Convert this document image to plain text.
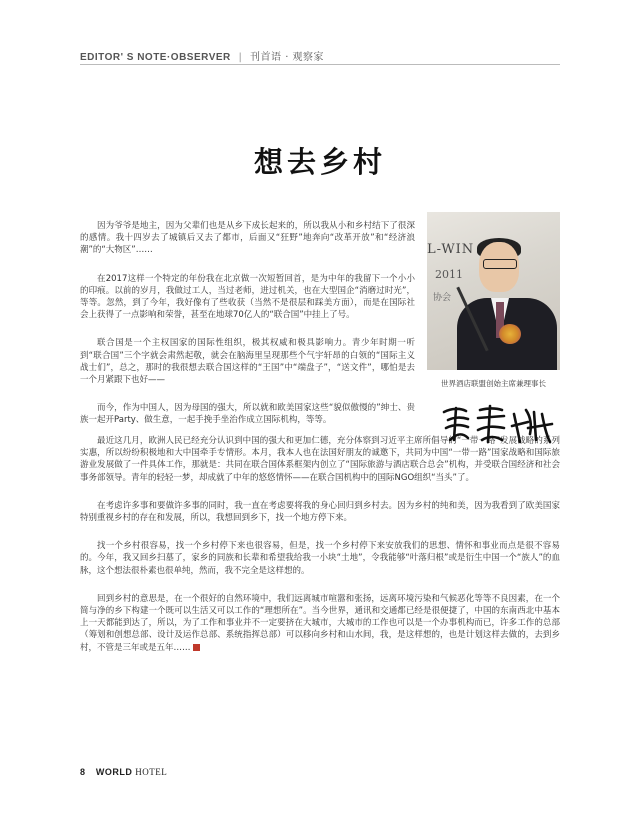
EDITOR' S NOTE·OBSERVER | 刊首语 · 观察家
想去乡村

因为爷爷是地主，因为父辈们也是从乡下成长起来的，所以我从小和乡村结下了很深的感情。我十四岁去了城镇后又去了都市，后面又“狂野”地奔向“改革开放”和“经济浪潮”的“大物区”……

在2017这样一个特定的年份我在北京做一次短暂回首，是为中年的我留下一个小小的印痕。以前的岁月，我做过工人，当过老师，进过机关，也在大型国企“消磨过时光”，等等。忽然，到了今年，我好像有了些收获（当然不是很层和踩美方面），而是在国际社会上获得了一点影响和荣誉，甚至在地球70亿人的“联合国”中挂上了号。

联合国是一个主权国家的国际性组织，极其权威和极具影响力。青少年时期一听到“联合国”三个字就会肃然起敬，就会在脑海里呈现那些个气宇轩昂的白领的“国际主义战士们”，总之，那时的我很想去联合国这样的“王国”中“端盘子”，“送文件”，哪怕是去一个月紧跟下也好——

而今，作为中国人，因为母国的强大，所以就和欧美国家这些“貌似傲慢的”绅士、贵族一起开Party、做生意，一起手挽手坐治作成立国际机构，等等。

最近这几月，欧洲人民已经充分认识到中国的强大和更加仁德，充分体察到习近平主席所倡导的“一带一路”发展战略的系列实惠，所以纷纷积极地和大中国牵手专情形。本月，我本人也在法国好朋友的诚邀下，共同为中国“一带一路”国家战略和国际旅游业发展做了一件具体工作，那就是：共同在联合国体系框架内创立了“国际旅游与酒店联合总会”机构，并受联合国经济和社会事务部领导。青年的轻轻一梦，却成就了中年的悠悠情怀——在联合国机构中的国际NGO组织“当头”了。

在考虑许多事和要做许多事的同时，我一直在考虑要将我的身心回归到乡村去。因为乡村的纯和美，因为我看到了欧美国家特别重视乡村的存在和发展，所以，我想回到乡下，找一个地方停下来。

找一个乡村很容易，找一个乡村停下来也很容易，但是，找一个乡村停下来安放我们的思想、情怀和事业而点是很不容易的。今年，我又回乡扫墓了，家乡的同族和长辈和希望我给我一小块“土地”，令我能够“叶落归根”或是衍生中国一个“族人”的血脉，这个想法很朴素也很单纯，然而，我不完全是这样想的。

回到乡村的意思是，在一个很好的自然环境中，我们远离城市喧嚣和张扬，远离环境污染和气候恶化等等不良因素，在一个简与净的乡下构建一个既可以生活又可以工作的“理想所在”。当今世界，通讯和交通都已经是很便捷了，中国的东南西北中基本上一天都能到达了，所以，为了工作和事业并不一定要挤在大城市，大城市的工作也可以是一个办事机构而已，许多工作的总部（筹划和创想总部、设计及运作总部、系统指挥总部）可以移向乡村和山水间，我，是这样想的，也是计划这样去做的，去到乡村，不管是三年或是五年……

L-WIN
2011
协会
世界酒店联盟创始主席兼理事长
8 WORLD HOTEL
